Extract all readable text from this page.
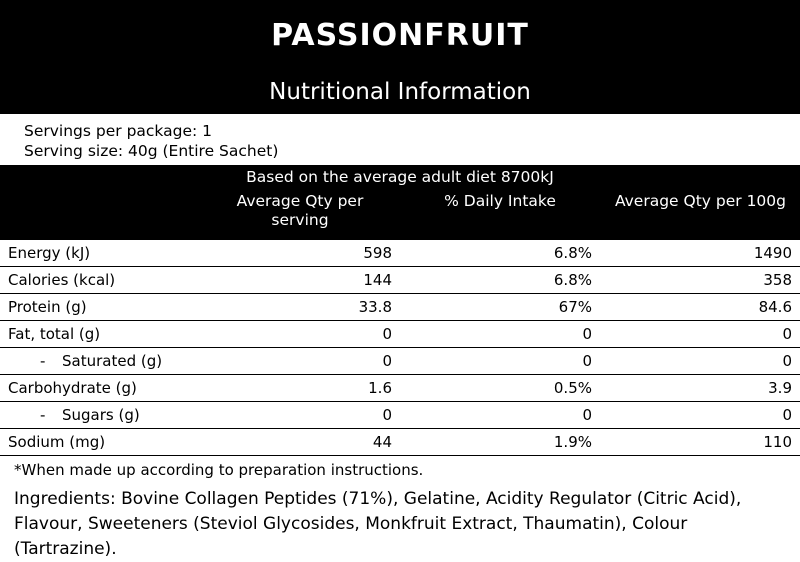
PASSIONFRUIT
Nutritional Information
Servings per package: 1
Serving size: 40g (Entire Sachet)
Based on the average adult diet 8700kJ			
	Average Qty per serving	% Daily Intake	Average Qty per 100g
Energy (kJ)	598	6.8%	1490
Calories (kcal)	144	6.8%	358
Protein (g)	33.8	67%	84.6
Fat, total (g)	0	0	0
- Saturated (g)	0	0	0
Carbohydrate (g)	1.6	0.5%	3.9
- Sugars (g)	0	0	0
Sodium (mg)	44	1.9%	110
*When made up according to preparation instructions.
Ingredients: Bovine Collagen Peptides (71%), Gelatine, Acidity Regulator (Citric Acid), Flavour, Sweeteners (Steviol Glycosides, Monkfruit Extract, Thaumatin), Colour (Tartrazine).
